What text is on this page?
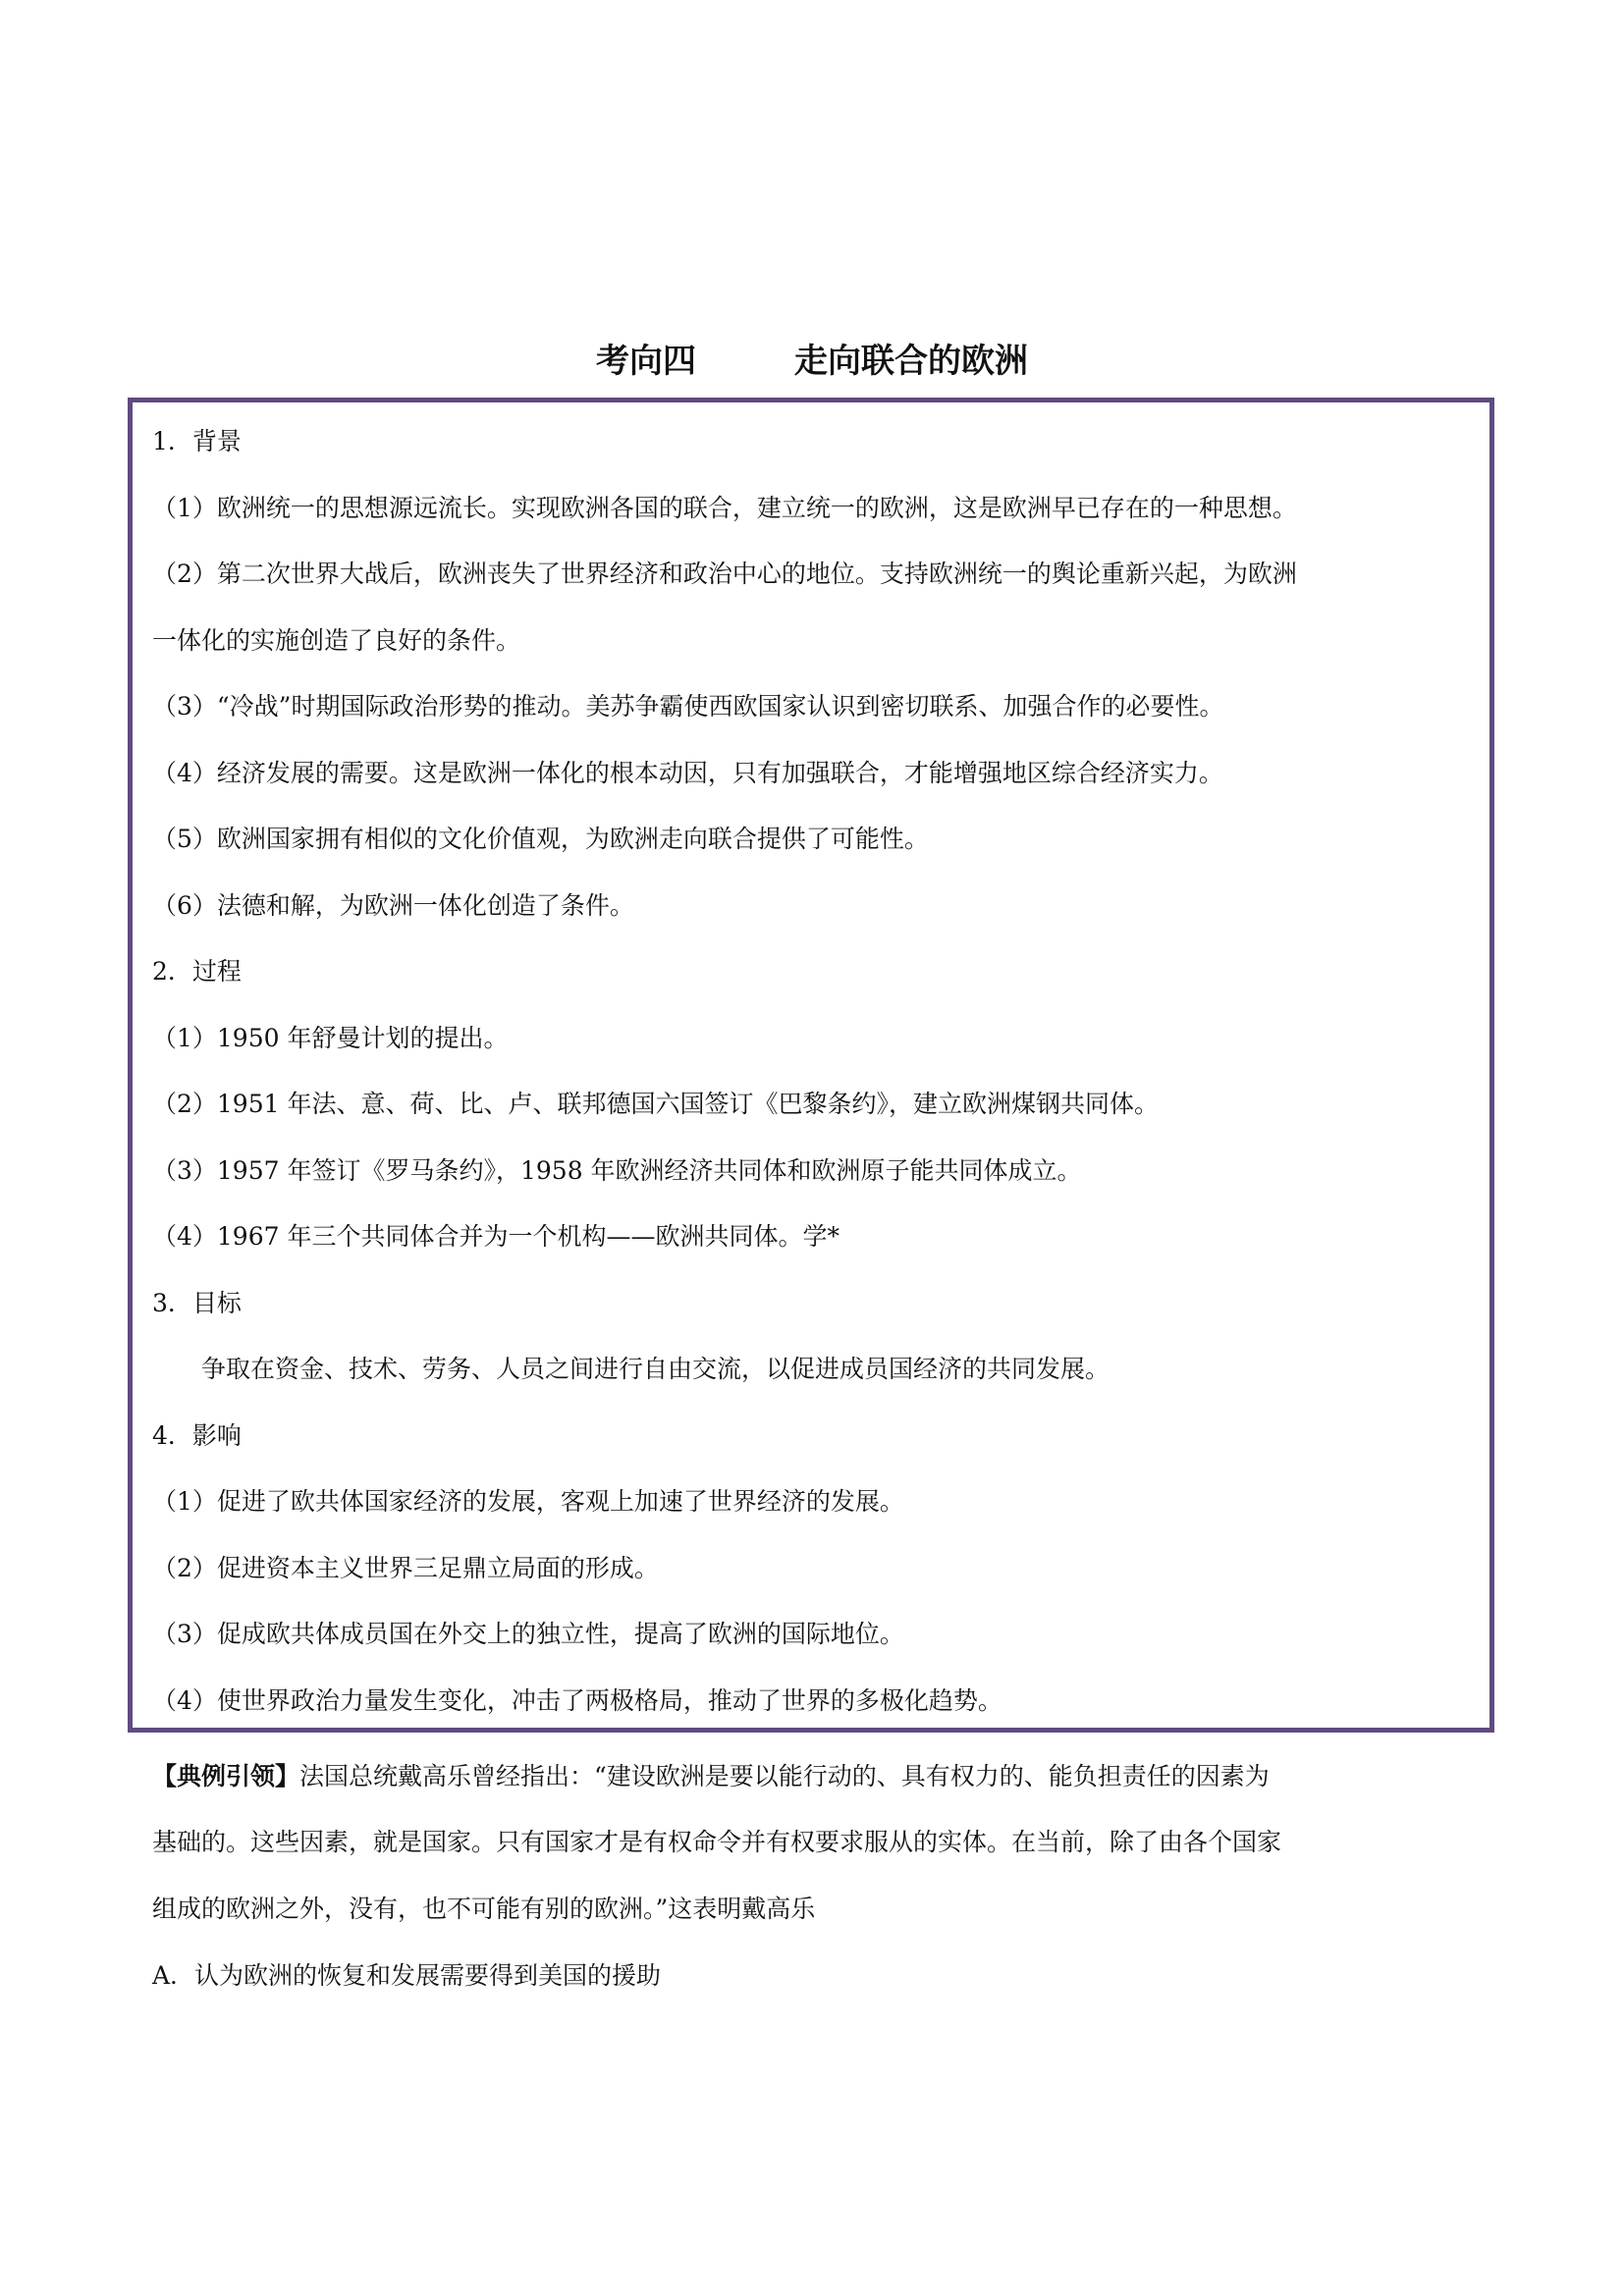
考向四	走向联合的欧洲
1．背景
（1）欧洲统一的思想源远流长。实现欧洲各国的联合，建立统一的欧洲，这是欧洲早已存在的一种思想。
（2）第二次世界大战后，欧洲丧失了世界经济和政治中心的地位。支持欧洲统一的舆论重新兴起，为欧洲
一体化的实施创造了良好的条件。
（3）“冷战”时期国际政治形势的推动。美苏争霸使西欧国家认识到密切联系、加强合作的必要性。
（4）经济发展的需要。这是欧洲一体化的根本动因，只有加强联合，才能增强地区综合经济实力。
（5）欧洲国家拥有相似的文化价值观，为欧洲走向联合提供了可能性。
（6）法德和解，为欧洲一体化创造了条件。
2．过程
（1）1950 年舒曼计划的提出。
（2）1951 年法、意、荷、比、卢、联邦德国六国签订《巴黎条约》，建立欧洲煤钢共同体。
（3）1957 年签订《罗马条约》，1958 年欧洲经济共同体和欧洲原子能共同体成立。
（4）1967 年三个共同体合并为一个机构——欧洲共同体。学*
3．目标
　　争取在资金、技术、劳务、人员之间进行自由交流，以促进成员国经济的共同发展。
4．影响
（1）促进了欧共体国家经济的发展，客观上加速了世界经济的发展。
（2）促进资本主义世界三足鼎立局面的形成。
（3）促成欧共体成员国在外交上的独立性，提高了欧洲的国际地位。
（4）使世界政治力量发生变化，冲击了两极格局，推动了世界的多极化趋势。
【典例引领】法国总统戴高乐曾经指出：“建设欧洲是要以能行动的、具有权力的、能负担责任的因素为
基础的。这些因素，就是国家。只有国家才是有权命令并有权要求服从的实体。在当前，除了由各个国家
组成的欧洲之外，没有，也不可能有别的欧洲。”这表明戴高乐
A．认为欧洲的恢复和发展需要得到美国的援助
